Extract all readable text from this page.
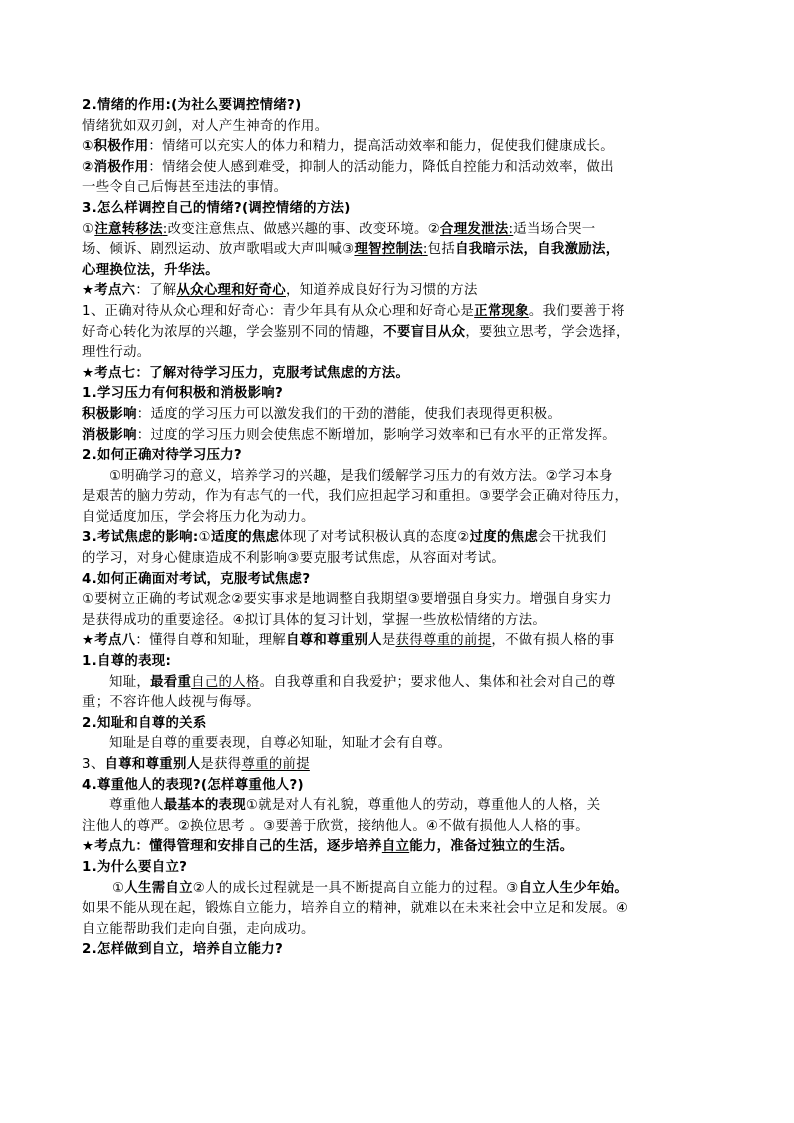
2.情绪的作用:(为社么要调控情绪?)
情绪犹如双刃剑，对人产生神奇的作用。
①积极作用：情绪可以充实人的体力和精力，提高活动效率和能力，促使我们健康成长。
②消极作用：情绪会使人感到难受，抑制人的活动能力，降低自控能力和活动效率，做出
一些令自己后悔甚至违法的事情。
3.怎么样调控自己的情绪?(调控情绪的方法)
①注意转移法:改变注意焦点、做感兴趣的事、改变环境。②合理发泄法:适当场合哭一
场、倾诉、剧烈运动、放声歌唱或大声叫喊③理智控制法:包括自我暗示法，自我激励法，
心理换位法，升华法。
★考点六：了解从众心理和好奇心，知道养成良好行为习惯的方法
1、正确对待从众心理和好奇心：青少年具有从众心理和好奇心是正常现象。我们要善于将
好奇心转化为浓厚的兴趣，学会鉴别不同的情趣，不要盲目从众，要独立思考，学会选择，
理性行动。
★考点七：了解对待学习压力，克服考试焦虑的方法。
1.学习压力有何积极和消极影响?
积极影响：适度的学习压力可以激发我们的干劲的潜能，使我们表现得更积极。
消极影响：过度的学习压力则会使焦虑不断增加，影响学习效率和已有水平的正常发挥。
2.如何正确对待学习压力?
①明确学习的意义，培养学习的兴趣，是我们缓解学习压力的有效方法。②学习本身
是艰苦的脑力劳动，作为有志气的一代，我们应担起学习和重担。③要学会正确对待压力，
自觉适度加压，学会将压力化为动力。
3.考试焦虑的影响:①适度的焦虑体现了对考试积极认真的态度②过度的焦虑会干扰我们
的学习，对身心健康造成不利影响③要克服考试焦虑，从容面对考试。
4.如何正确面对考试，克服考试焦虑?
①要树立正确的考试观念②要实事求是地调整自我期望③要增强自身实力。增强自身实力
是获得成功的重要途径。④拟订具体的复习计划，掌握一些放松情绪的方法。
★考点八：懂得自尊和知耻，理解自尊和尊重别人是获得尊重的前提，不做有损人格的事
1.自尊的表现:
知耻，最看重自己的人格。自我尊重和自我爱护；要求他人、集体和社会对自己的尊
重；不容许他人歧视与侮辱。
2.知耻和自尊的关系
知耻是自尊的重要表现，自尊必知耻，知耻才会有自尊。
3、自尊和尊重别人是获得尊重的前提
4.尊重他人的表现?(怎样尊重他人?)
尊重他人最基本的表现①就是对人有礼貌，尊重他人的劳动，尊重他人的人格，关
注他人的尊严。②换位思考 。③要善于欣赏，接纳他人。④不做有损他人人格的事。
★考点九：懂得管理和安排自己的生活，逐步培养自立能力，准备过独立的生活。
1.为什么要自立?
①人生需自立②人的成长过程就是一具不断提高自立能力的过程。③自立人生少年始。
如果不能从现在起，锻炼自立能力，培养自立的精神，就难以在未来社会中立足和发展。④
自立能帮助我们走向自强，走向成功。
2.怎样做到自立，培养自立能力?
